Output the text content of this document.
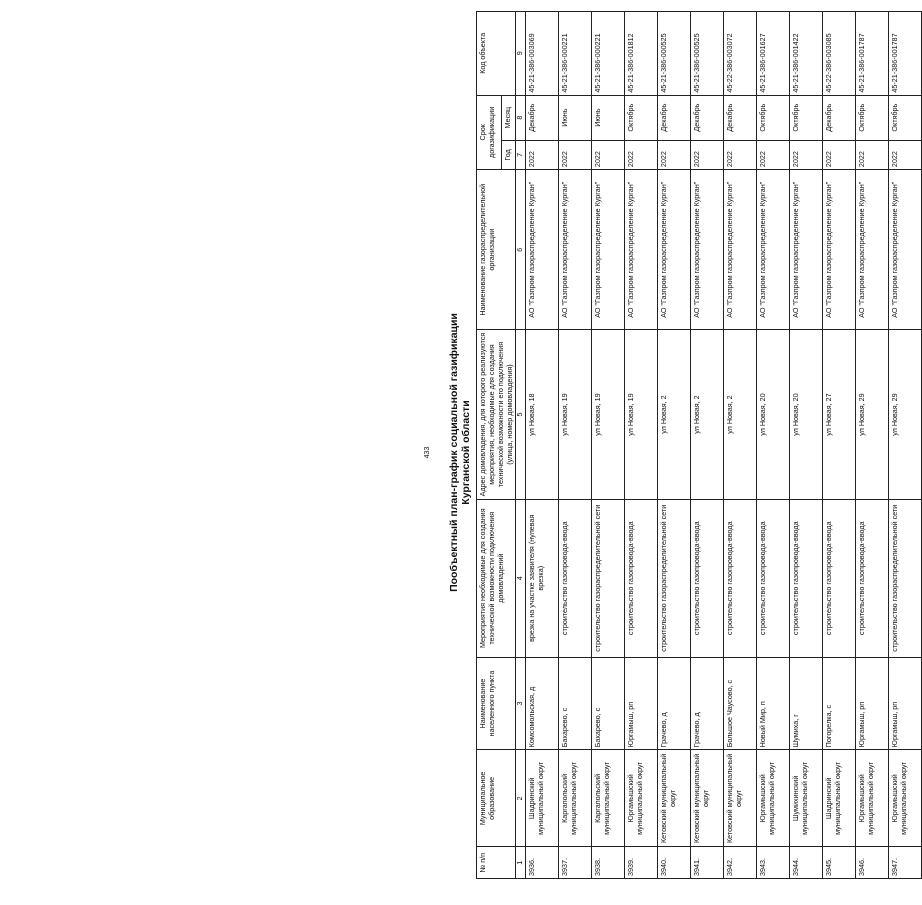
433 Пообъектный план-график социальной газификации Курганской области
№ п/п	Муниципальное образование	Наименование населенного пункта	Мероприятия необходимые для создания технической возможности подключения домовладений	Адрес домовладения, для которого реализуются мероприятия, необходимые для создания технической возможности его подключения (улица, номер домовладения)	Наименование газораспределительной организации	Срок догазификации		Код объекта
						Год	Месяц	
1	2	3	4	5	6	7	8	9
3936.	Шадринский муниципальный округ	Комсомольская, д	врезка на участке заявителя (нулевая врезка)	ул Новая, 18	АО "Газпром газораспределение Курган"	2022	Декабрь	45-21-386-003069
3937.	Каргапольский муниципальный округ	Бахарево, с	строительство газопровода-ввода	ул Новая, 19	АО "Газпром газораспределение Курган"	2022	Июнь	45-21-386-000221
3938.	Каргапольский муниципальный округ	Бахарево, с	строительство газораспределительной сети	ул Новая, 19	АО "Газпром газораспределение Курган"	2022	Июнь	45-21-386-000221
3939.	Юргамышский муниципальный округ	Юргамыш, рп	строительство газопровода-ввода	ул Новая, 19	АО "Газпром газораспределение Курган"	2022	Октябрь	45-21-386-001812
3940.	Кетовский муниципальный округ	Грачево, д	строительство газораспределительной сети	ул Новая, 2	АО "Газпром газораспределение Курган"	2022	Декабрь	45-21-386-000525
3941.	Кетовский муниципальный округ	Грачево, д	строительство газопровода-ввода	ул Новая, 2	АО "Газпром газораспределение Курган"	2022	Декабрь	45-21-386-000525
3942.	Кетовский муниципальный округ	Большое Чаусово, с	строительство газопровода-ввода	ул Новая, 2	АО "Газпром газораспределение Курган"	2022	Декабрь	45-22-386-003072
3943.	Юргамышский муниципальный округ	Новый Мир, п	строительство газопровода-ввода	ул Новая, 20	АО "Газпром газораспределение Курган"	2022	Октябрь	45-21-386-001627
3944.	Шумихинский муниципальный округ	Шумиха, г	строительство газопровода-ввода	ул Новая, 20	АО "Газпром газораспределение Курган"	2022	Октябрь	45-21-386-001422
3945.	Шадринский муниципальный округ	Погорелка, с	строительство газопровода-ввода	ул Новая, 27	АО "Газпром газораспределение Курган"	2022	Декабрь	45-22-386-003085
3946.	Юргамышский муниципальный округ	Юргамыш, рп	строительство газопровода-ввода	ул Новая, 29	АО "Газпром газораспределение Курган"	2022	Октябрь	45-21-386-001787
3947.	Юргамышский муниципальный округ	Юргамыш, рп	строительство газораспределительной сети	ул Новая, 29	АО "Газпром газораспределение Курган"	2022	Октябрь	45-21-386-001787
